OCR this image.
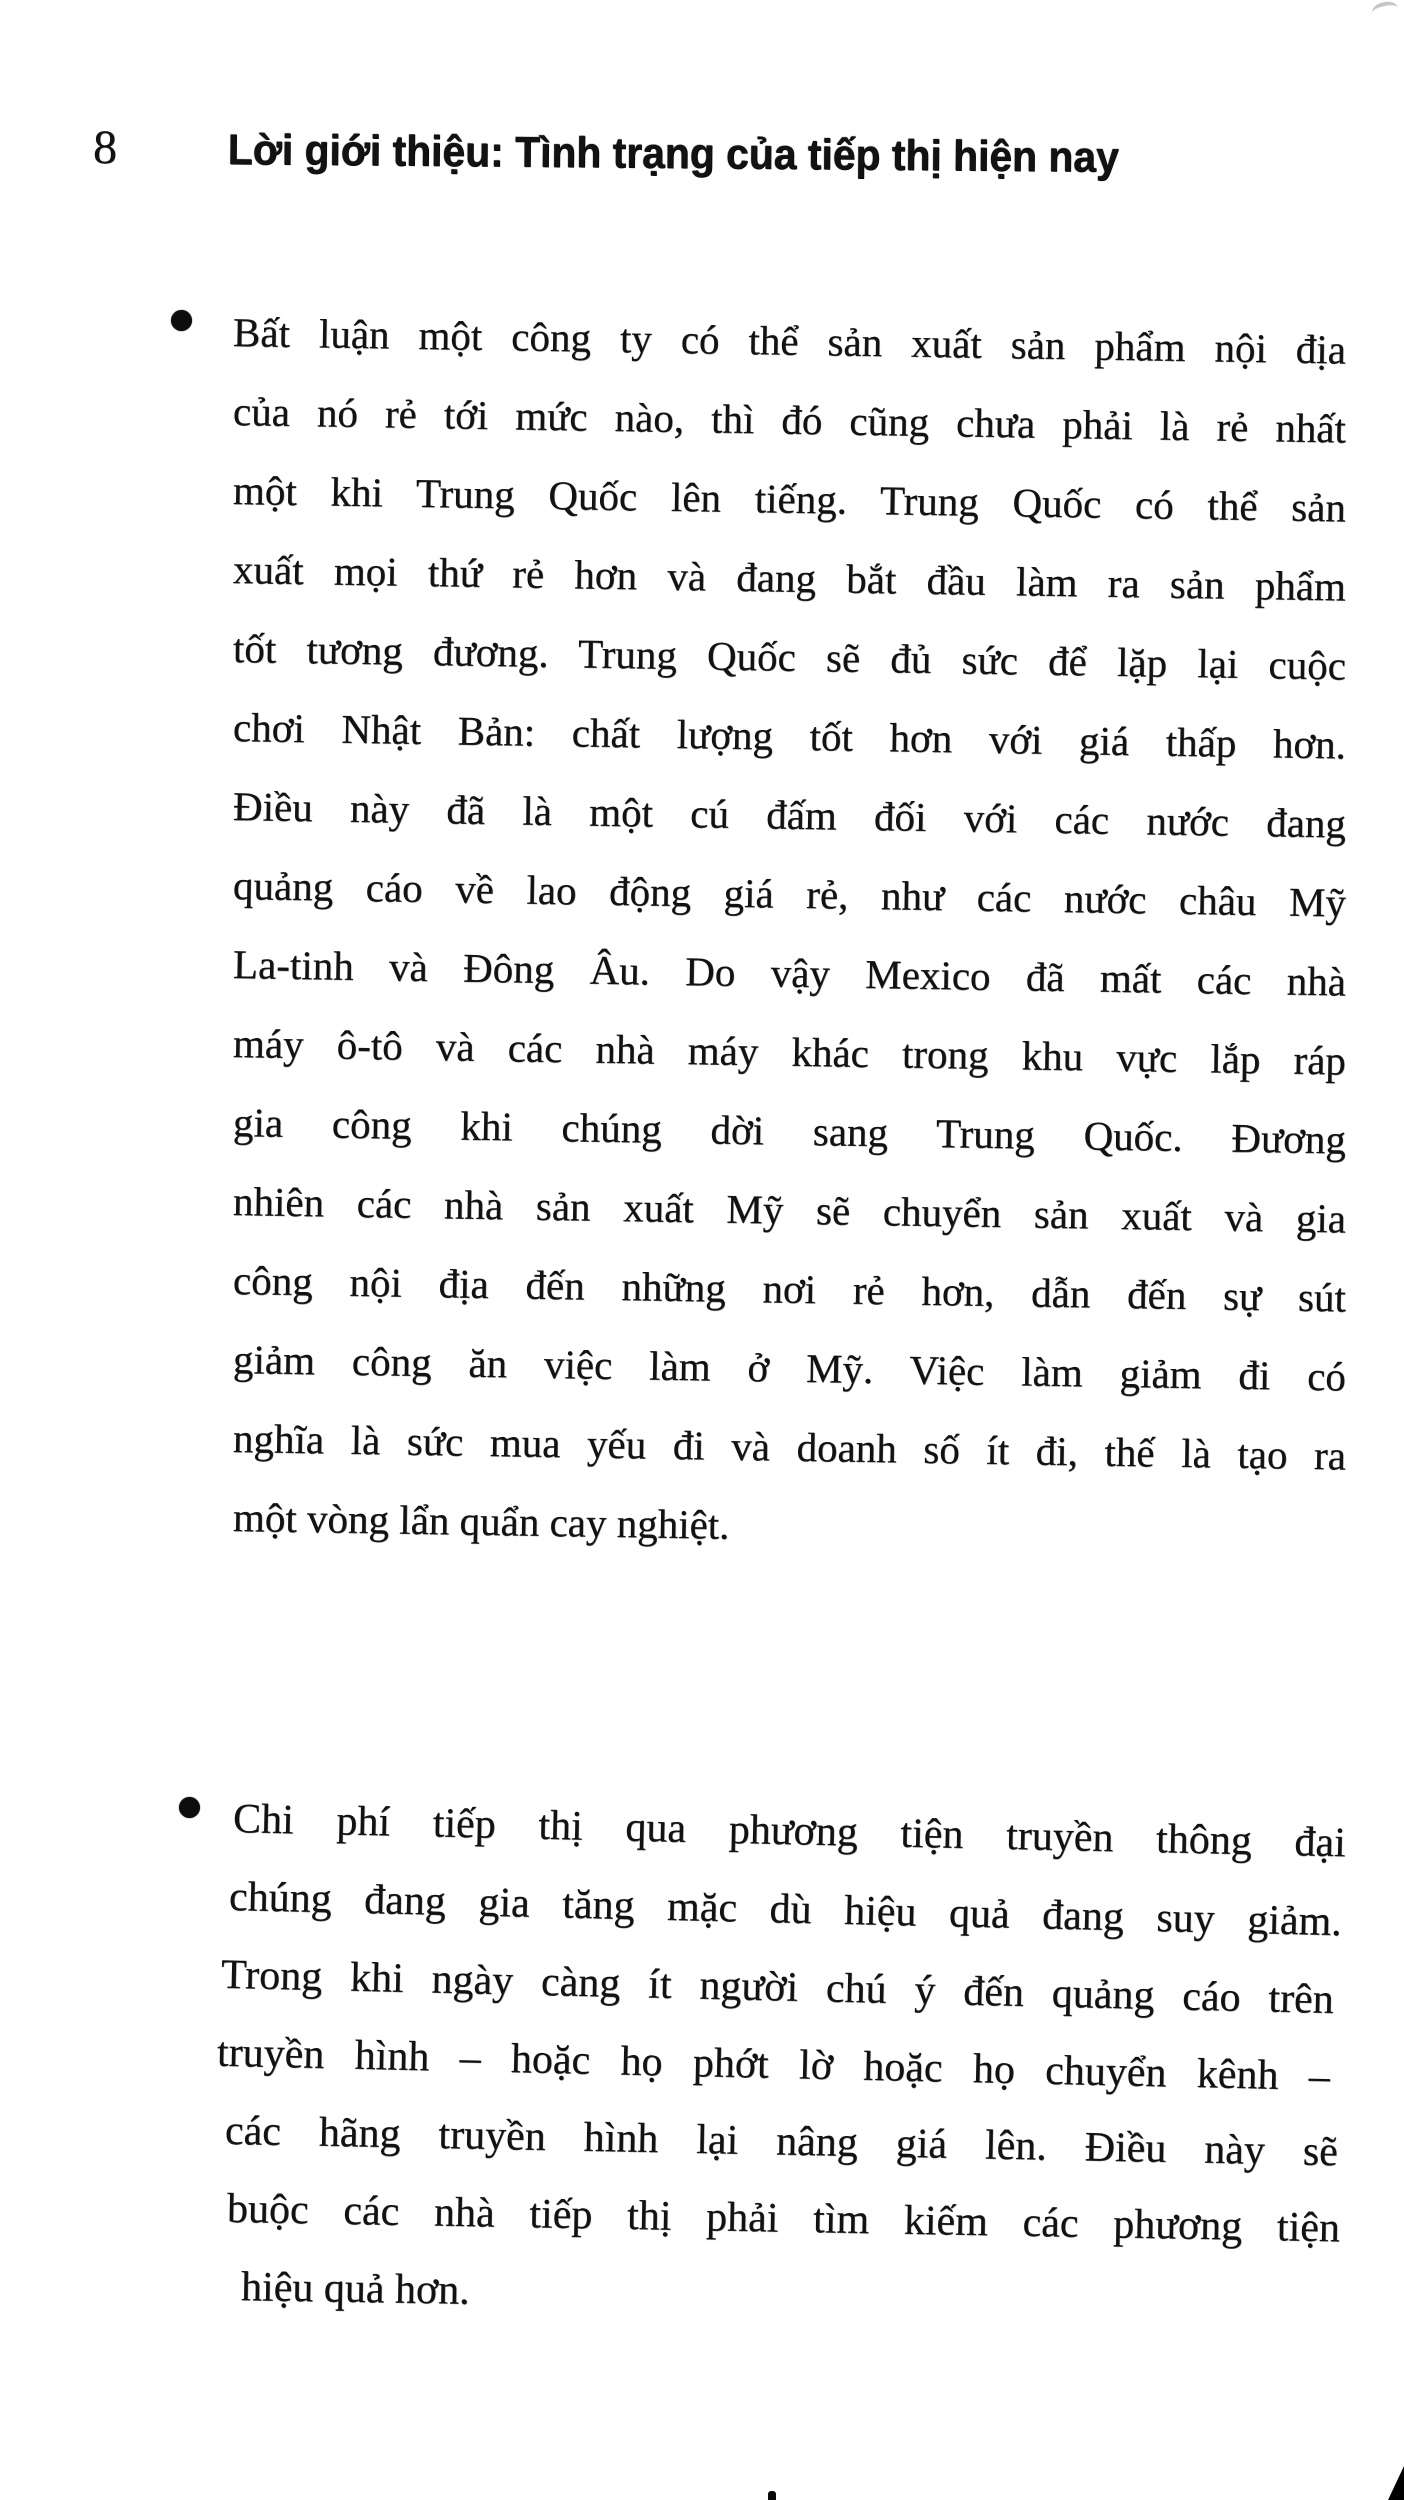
8	Lời giới thiệu: Tình trạng của tiếp thị hiện nay
Bất luận một công ty có thể sản xuất sản phẩm nội địa
của nó rẻ tới mức nào, thì đó cũng chưa phải là rẻ nhất
một khi Trung Quốc lên tiếng. Trung Quốc có thể sản
xuất mọi thứ rẻ hơn và đang bắt đầu làm ra sản phẩm
tốt tương đương. Trung Quốc sẽ đủ sức để lặp lại cuộc
chơi Nhật Bản: chất lượng tốt hơn với giá thấp hơn.
Điều này đã là một cú đấm đối với các nước đang
quảng cáo về lao động giá rẻ, như các nước châu Mỹ
La-tinh và Đông Âu. Do vậy Mexico đã mất các nhà
máy ô-tô và các nhà máy khác trong khu vực lắp ráp
gia công khi chúng dời sang Trung Quốc. Đương
nhiên các nhà sản xuất Mỹ sẽ chuyển sản xuất và gia
công nội địa đến những nơi rẻ hơn, dẫn đến sự sút
giảm công ăn việc làm ở Mỹ. Việc làm giảm đi có
nghĩa là sức mua yếu đi và doanh số ít đi, thế là tạo ra
một vòng lẩn quẩn cay nghiệt.
Chi phí tiếp thị qua phương tiện truyền thông đại
chúng đang gia tăng mặc dù hiệu quả đang suy giảm.
Trong khi ngày càng ít người chú ý đến quảng cáo trên
truyền hình – hoặc họ phớt lờ hoặc họ chuyển kênh –
các hãng truyền hình lại nâng giá lên. Điều này sẽ
buộc các nhà tiếp thị phải tìm kiếm các phương tiện
hiệu quả hơn.
